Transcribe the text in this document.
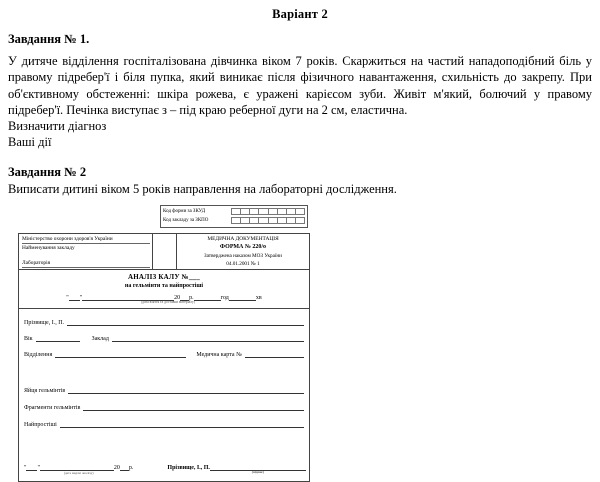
Варіант 2
Завдання № 1.

У дитяче відділення госпіталізована дівчинка віком 7 років. Скаржиться на частий нападоподібний біль у правому підребер'ї і біля пупка, який виникає після фізичного навантаження, схильність до закрепу. При об'єктивному обстеженні: шкіра рожева, є уражені карієсом зуби. Живіт м'який, болючий у правому підребер'ї. Печінка виступає з – під краю реберної дуги на 2 см, еластична.

Визначити діагноз
Ваші дії
Завдання № 2
Виписати дитині віком 5 років направлення на лабораторні дослідження.
Код форми за ЗКУД
Код закладу за ЗКПО
Міністерство охорони здоров'я України
Найменування закладу
Лабораторія
МЕДИЧНА ДОКУМЕНТАЦІЯ
ФОРМА № 220/о
Затверджена наказом МОЗ України
04.01.2001 № 1
АНАЛІЗ КАЛУ №___
на гельмінти та найпростіші
" "	20 р.	год	хв
(дата взяття та доставки матеріалу)
Прізвище, І., П.
Вік	Заклад
Відділення	Медична карта №
Яйця гельмінтів
Фрагменти гельмінтів
Найпростіші
" "
(дата видачі аналізу)
20 р.	Прізвище, І., П.
(підпис)
